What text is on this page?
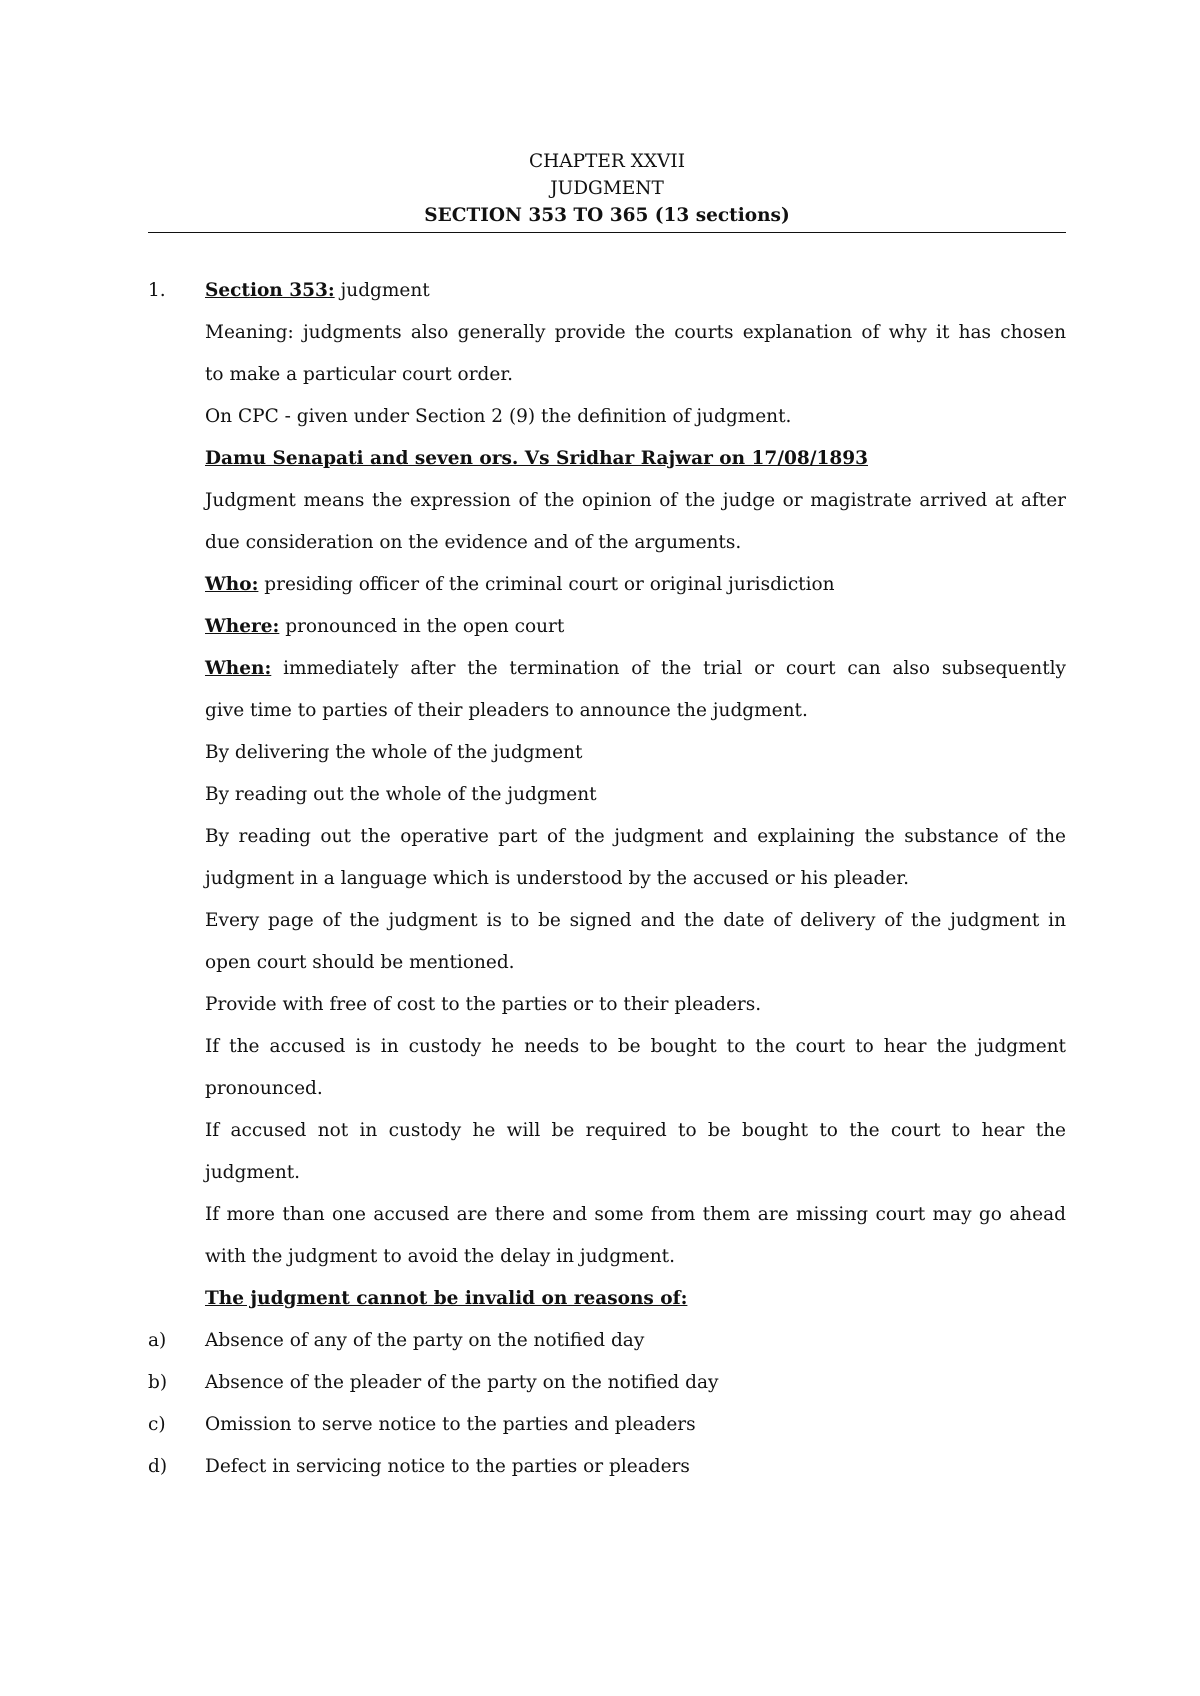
CHAPTER XXVII
JUDGMENT
SECTION 353 TO 365 (13 sections)
1. Section 353: judgment
Meaning: judgments also generally provide the courts explanation of why it has chosen
to make a particular court order.
On CPC - given under Section 2 (9) the definition of judgment.
Damu Senapati and seven ors. Vs Sridhar Rajwar on 17/08/1893
Judgment means the expression of the opinion of the judge or magistrate arrived at after
due consideration on the evidence and of the arguments.
Who: presiding officer of the criminal court or original jurisdiction
Where: pronounced in the open court
When: immediately after the termination of the trial or court can also subsequently
give time to parties of their pleaders to announce the judgment.
By delivering the whole of the judgment
By reading out the whole of the judgment
By reading out the operative part of the judgment and explaining the substance of the
judgment in a language which is understood by the accused or his pleader.
Every page of the judgment is to be signed and the date of delivery of the judgment in
open court should be mentioned.
Provide with free of cost to the parties or to their pleaders.
If the accused is in custody he needs to be bought to the court to hear the judgment
pronounced.
If accused not in custody he will be required to be bought to the court to hear the
judgment.
If more than one accused are there and some from them are missing court may go ahead
with the judgment to avoid the delay in judgment.
The judgment cannot be invalid on reasons of:
a) Absence of any of the party on the notified day
b) Absence of the pleader of the party on the notified day
c) Omission to serve notice to the parties and pleaders
d) Defect in servicing notice to the parties or pleaders
